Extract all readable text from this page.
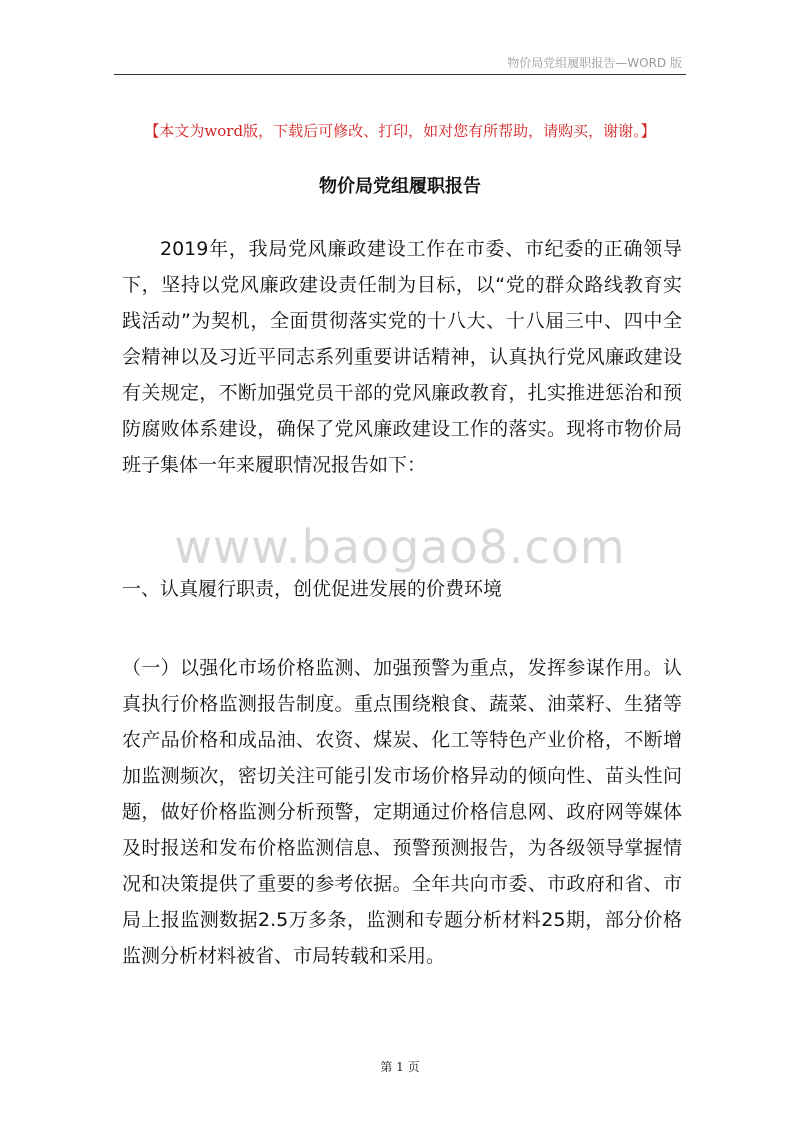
物价局党组履职报告—WORD 版
【本文为word版，下载后可修改、打印，如对您有所帮助，请购买，谢谢。】
物价局党组履职报告

2019年，我局党风廉政建设工作在市委、市纪委的正确领导下，坚持以党风廉政建设责任制为目标，以“党的群众路线教育实践活动”为契机，全面贯彻落实党的十八大、十八届三中、四中全会精神以及习近平同志系列重要讲话精神，认真执行党风廉政建设有关规定，不断加强党员干部的党风廉政教育，扎实推进惩治和预防腐败体系建设，确保了党风廉政建设工作的落实。现将市物价局班子集体一年来履职情况报告如下：

www.baogao8.com

一、认真履行职责，创优促进发展的价费环境

（一）以强化市场价格监测、加强预警为重点，发挥参谋作用。认真执行价格监测报告制度。重点围绕粮食、蔬菜、油菜籽、生猪等农产品价格和成品油、农资、煤炭、化工等特色产业价格，不断增加监测频次，密切关注可能引发市场价格异动的倾向性、苗头性问题，做好价格监测分析预警，定期通过价格信息网、政府网等媒体及时报送和发布价格监测信息、预警预测报告，为各级领导掌握情况和决策提供了重要的参考依据。全年共向市委、市政府和省、市局上报监测数据2.5万多条，监测和专题分析材料25期，部分价格监测分析材料被省、市局转载和采用。

第 1 页
